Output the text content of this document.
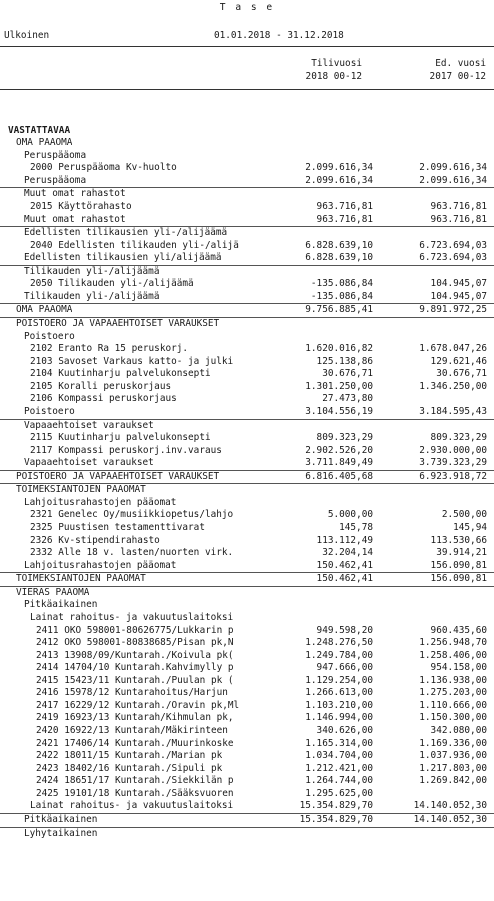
T a s e
Ulkoinen	01.01.2018 - 31.12.2018
Tilivuosi
2018 00-12
Ed. vuosi
2017 00-12
VASTATTAVAA
OMA PÄÄOMA
Peruspääoma
2000 Peruspääoma Kv-huolto	2.099.616,34	2.099.616,34
Peruspääoma	2.099.616,34	2.099.616,34
Muut omat rahastot
2015 Käyttörahasto	963.716,81	963.716,81
Muut omat rahastot	963.716,81	963.716,81
Edellisten tilikausien yli-/alijäämä
2040 Edellisten tilikauden yli-/alijä	6.828.639,10	6.723.694,03
Edellisten tilikausien yli/alijäämä	6.828.639,10	6.723.694,03
Tilikauden yli-/alijäämä
2050 Tilikauden yli-/alijäämä	-135.086,84	104.945,07
Tilikauden yli-/alijäämä	-135.086,84	104.945,07
OMA PÄÄOMA	9.756.885,41	9.891.972,25
POISTOERO JA VAPAAEHTOISET VARAUKSET
Poistoero
2102 Eranto Ra 15 peruskorj.	1.620.016,82	1.678.047,26
2103 Savoset Varkaus katto- ja julki	125.138,86	129.621,46
2104 Kuutinharju palvelukonsepti	30.676,71	30.676,71
2105 Koralli peruskorjaus	1.301.250,00	1.346.250,00
2106 Kompassi peruskorjaus	27.473,80
Poistoero	3.104.556,19	3.184.595,43
Vapaaehtoiset varaukset
2115 Kuutinharju palvelukonsepti	809.323,29	809.323,29
2117 Kompassi peruskorj.inv.varaus	2.902.526,20	2.930.000,00
Vapaaehtoiset varaukset	3.711.849,49	3.739.323,29
POISTOERO JA VAPAAEHTOISET VARAUKSET	6.816.405,68	6.923.918,72
TOIMEKSIANTOJEN PÄÄOMAT
Lahjoitusrahastojen pääomat
2321 Genelec Oy/musiikkiopetus/lahjo	5.000,00	2.500,00
2325 Puustisen testamenttivarat	145,78	145,94
2326 Kv-stipendirahasto	113.112,49	113.530,66
2332 Alle 18 v. lasten/nuorten virk.	32.204,14	39.914,21
Lahjoitusrahastojen pääomat	150.462,41	156.090,81
TOIMEKSIANTOJEN PÄÄOMAT	150.462,41	156.090,81
VIERAS PÄÄOMA
Pitkäaikainen
Lainat rahoitus- ja vakuutuslaitoksi
2411 OKO 598001-80626775/Lukkarin p	949.598,20	960.435,60
2412 OKO 598001-80838685/Pisan pk,N	1.248.276,50	1.256.948,70
2413 13908/09/Kuntarah./Koivula pk(	1.249.784,00	1.258.406,00
2414 14704/10 Kuntarah.Kahvimylly p	947.666,00	954.158,00
2415 15423/11 Kuntarah./Puulan pk (	1.129.254,00	1.136.938,00
2416 15978/12 Kuntarahoitus/Harjun	1.266.613,00	1.275.203,00
2417 16229/12 Kuntarah./Oravin pk,Ml	1.103.210,00	1.110.666,00
2419 16923/13 Kuntarah/Kihmulan pk,	1.146.994,00	1.150.300,00
2420 16922/13 Kuntarah/Mäkirinteen	340.626,00	342.080,00
2421 17406/14 Kuntarah./Muurinkoske	1.165.314,00	1.169.336,00
2422 18011/15 Kuntarah./Marian pk	1.034.704,00	1.037.936,00
2423 18402/16 Kuntarah./Sipuli pk	1.212.421,00	1.217.803,00
2424 18651/17 Kuntarah./Siekkilän p	1.264.744,00	1.269.842,00
2425 19101/18 Kuntarah./Sääksvuoren	1.295.625,00
Lainat rahoitus- ja vakuutuslaitoksi	15.354.829,70	14.140.052,30
Pitkäaikainen	15.354.829,70	14.140.052,30
Lyhytaikainen
